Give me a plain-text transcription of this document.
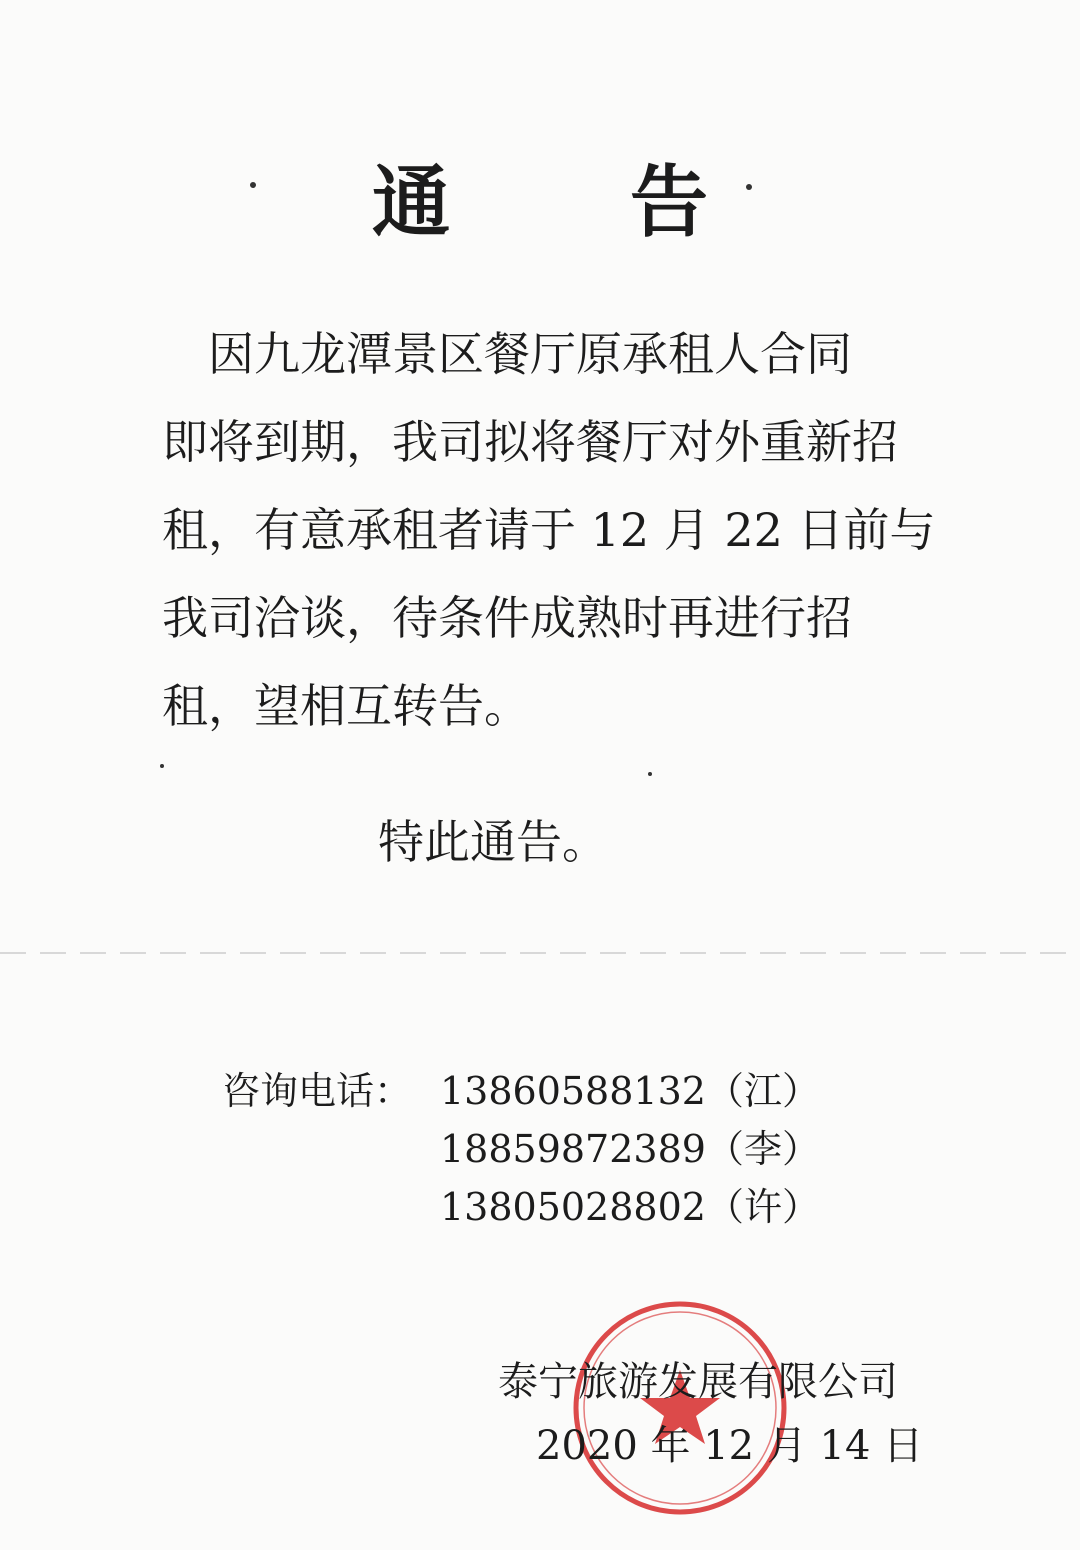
通 告
　因九龙潭景区餐厅原承租人合同
即将到期，我司拟将餐厅对外重新招
租，有意承租者请于 12 月 22 日前与
我司洽谈，待条件成熟时再进行招
租，望相互转告。
特此通告。
咨询电话： 13860588132（江）
18859872389（李）
13805028802（许）
泰宁旅游发展有限公司
2020 年 12 月 14 日
